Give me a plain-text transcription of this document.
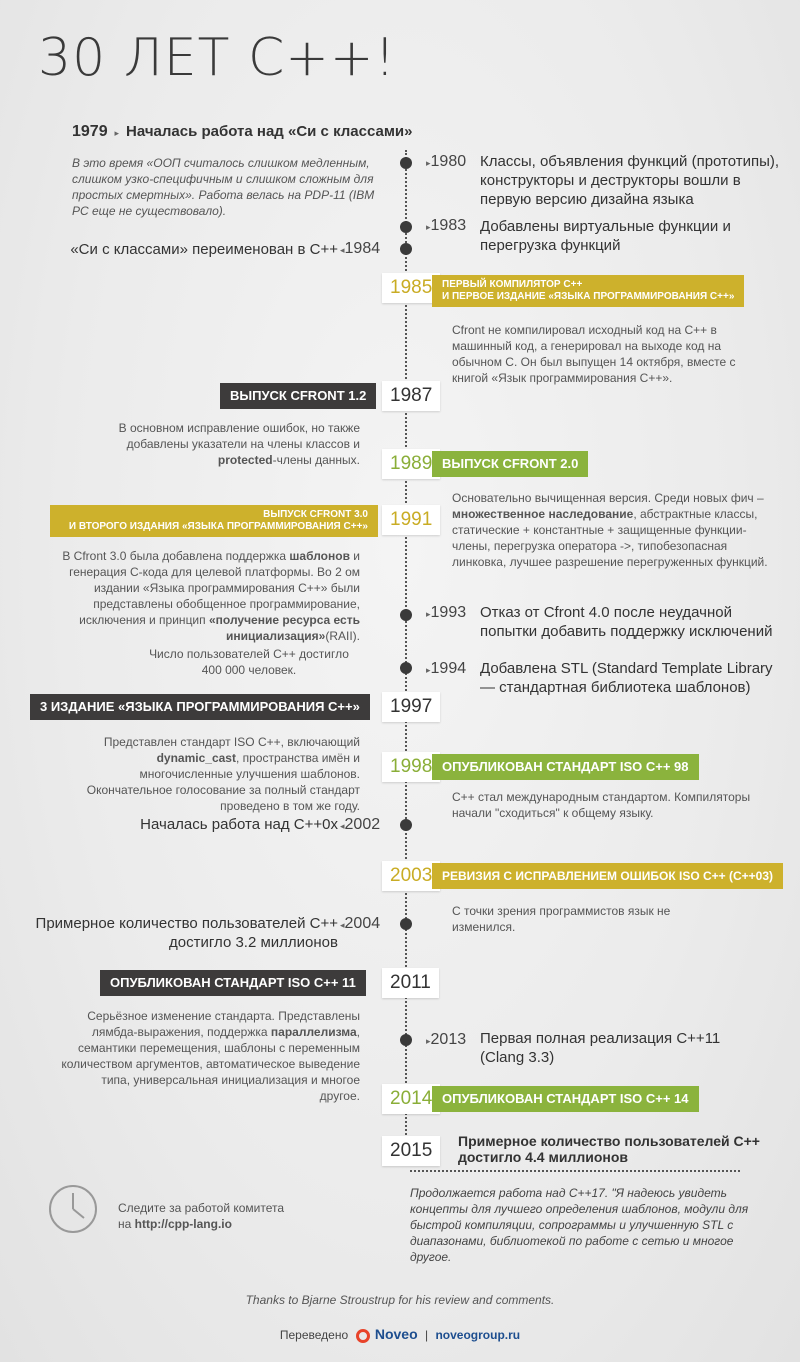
30 ЛЕТ С++!
1979  ▸  Началась работа над «Си с классами»
В это время «ООП считалось слишком медленным, слишком узко-специфичным и слишком сложным для простых смертных». Работа велась на PDP-11 (IBM PC еще не существовало).
▸1980 Классы, объявления функций (прототипы), конструкторы и деструкторы вошли в первую версию дизайна языка
▸1983 Добавлены виртуальные функции и перегрузка функций
«Си с классами» переименован в C++ ◂1984
1985 ПЕРВЫЙ КОМПИЛЯТОР С++
И ПЕРВОЕ ИЗДАНИЕ «ЯЗЫКА ПРОГРАММИРОВАНИЯ С++»
Cfront не компилировал исходный код на C++ в машинный код, а генерировал на выходе код на обычном C. Он был выпущен 14 октября, вместе с книгой «Язык программирования C++».
ВЫПУСК CFRONT 1.2	1987
В основном исправление ошибок, но также добавлены указатели на члены классов и protected-члены данных.	1989 ВЫПУСК CFRONT 2.0
Основательно вычищенная версия. Среди новых фич – множественное наследование, абстрактные классы, статические + константные + защищенные функции-члены, перегрузка оператора ->, типобезопасная линковка, лучшее разрешение перегруженных функций.
ВЫПУСК CFRONT 3.0
И ВТОРОГО ИЗДАНИЯ «ЯЗЫКА ПРОГРАММИРОВАНИЯ С++»	1991
В Cfront 3.0 была добавлена поддержка шаблонов и генерация С-кода для целевой платформы. Во 2 ом издании «Языка программирования C++» были представлены обобщенное программирование, исключения и принцип «получение ресурса есть инициализация»(RAII).
Число пользователей C++ достигло 400 000 человек.
▸1993 Отказ от Cfront 4.0 после неудачной попытки добавить поддержку исключений
▸1994 Добавлена STL (Standard Template Library — стандартная библиотека шаблонов)
3 ИЗДАНИЕ «ЯЗЫКА ПРОГРАММИРОВАНИЯ С++»	1997
Представлен стандарт ISO C++, включающий dynamic_cast, пространства имён и многочисленные улучшения шаблонов. Окончательное голосование за полный стандарт проведено в том же году.
1998 ОПУБЛИКОВАН СТАНДАРТ ISO C++ 98
C++ стал международным стандартом. Компиляторы начали "сходиться" к общему языку.
Началась работа над C++0x ◂2002
2003 РЕВИЗИЯ С ИСПРАВЛЕНИЕМ ОШИБОК ISO C++ (C++03)
С точки зрения программистов язык не изменился.
Примерное количество пользователей C++ достигло 3.2 миллионов
◂2004
ОПУБЛИКОВАН СТАНДАРТ ISO C++ 11	2011
Серьёзное изменение стандарта. Представлены лямбда-выражения, поддержка параллелизма, семантики перемещения, шаблоны с переменным количеством аргументов, автоматическое выведение типа, универсальная инициализация и многое другое.
▸2013 Первая полная реализация C++11 (Clang 3.3)
2014 ОПУБЛИКОВАН СТАНДАРТ ISO C++ 14
2015	Примерное количество пользователей C++ достигло 4.4 миллионов
Следите за работой комитета
на http://cpp-lang.io
Продолжается работа над C++17. "Я надеюсь увидеть концепты для лучшего определения шаблонов, модули для быстрой компиляции, сопрограммы и улучшенную STL с диапазонами, библиотекой по работе с сетью и многое другое.
Thanks to Bjarne Stroustrup for his review and comments.
Переведено Noveo | noveogroup.ru
